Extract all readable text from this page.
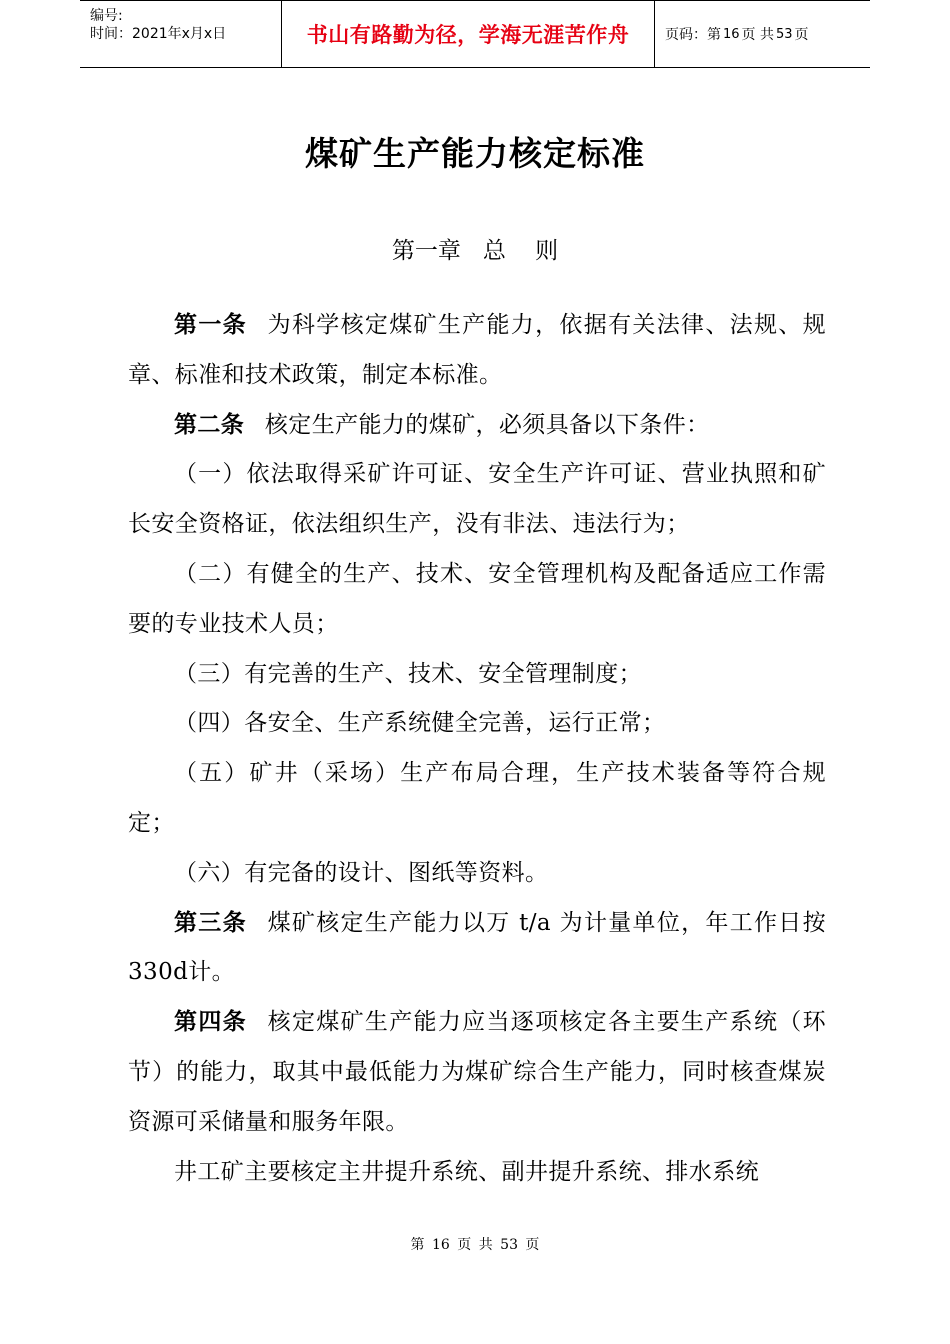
编号:
时间：2021年x月x日	书山有路勤为径，学海无涯苦作舟	页码：第 16 页 共 53 页
煤矿生产能力核定标准
第一章   总    则

第一条 为科学核定煤矿生产能力，依据有关法律、法规、规章、标准和技术政策，制定本标准。

第二条 核定生产能力的煤矿，必须具备以下条件：

（一）依法取得采矿许可证、安全生产许可证、营业执照和矿长安全资格证，依法组织生产，没有非法、违法行为；

（二）有健全的生产、技术、安全管理机构及配备适应工作需要的专业技术人员；

（三）有完善的生产、技术、安全管理制度；

（四）各安全、生产系统健全完善，运行正常；

（五）矿井（采场）生产布局合理，生产技术装备等符合规定；

（六）有完备的设计、图纸等资料。

第三条 煤矿核定生产能力以万 t/a 为计量单位，年工作日按330d计。

第四条 核定煤矿生产能力应当逐项核定各主要生产系统（环节）的能力，取其中最低能力为煤矿综合生产能力，同时核查煤炭资源可采储量和服务年限。

井工矿主要核定主井提升系统、副井提升系统、排水系统

第 16 页 共 53 页
